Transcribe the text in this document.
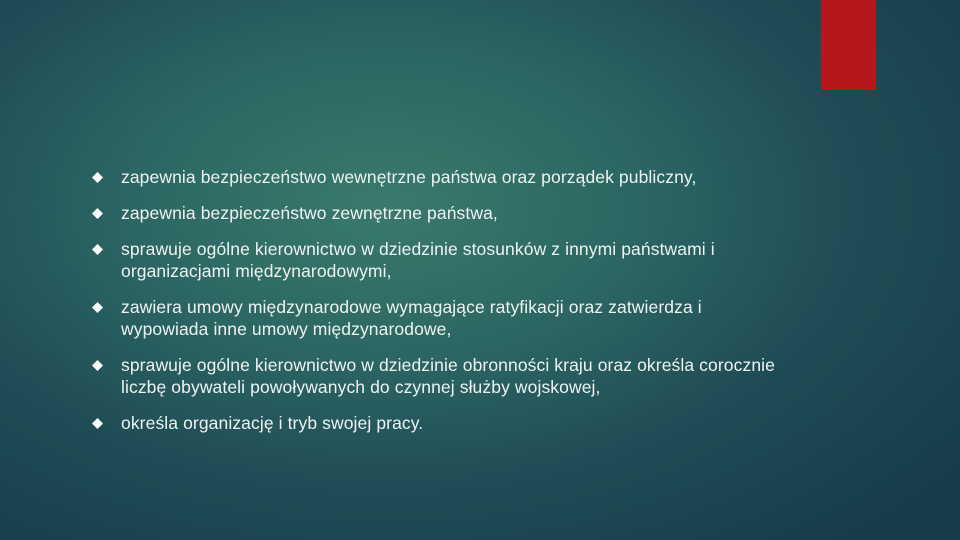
zapewnia bezpieczeństwo wewnętrzne państwa oraz porządek publiczny,
zapewnia bezpieczeństwo zewnętrzne państwa,
sprawuje ogólne kierownictwo w dziedzinie stosunków z innymi państwami i organizacjami międzynarodowymi,
zawiera umowy międzynarodowe wymagające ratyfikacji oraz zatwierdza i wypowiada inne umowy międzynarodowe,
sprawuje ogólne kierownictwo w dziedzinie obronności kraju oraz określa corocznie liczbę obywateli powoływanych do czynnej służby wojskowej,
określa organizację i tryb swojej pracy.
